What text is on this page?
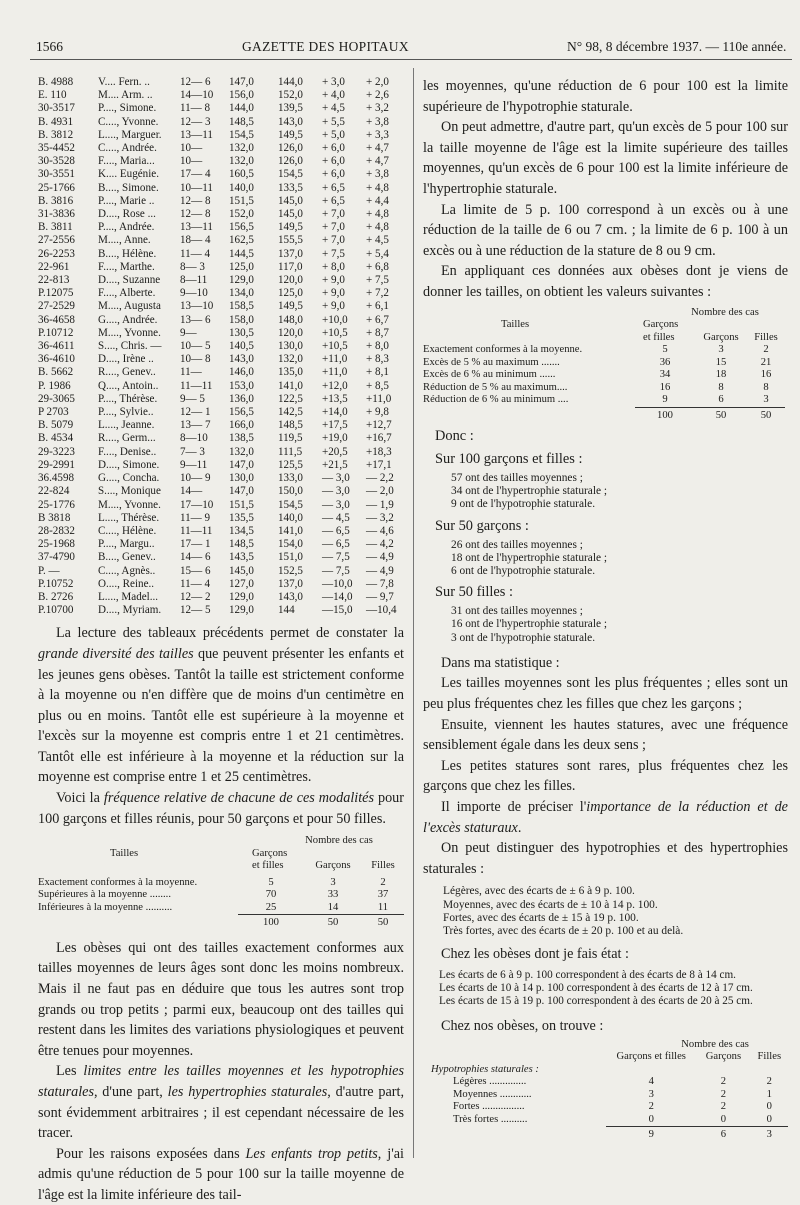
1566	GAZETTE DES HOPITAUX	N° 98, 8 décembre 1937. — 110e année.
B. 4988	V.... Fern. ..	12— 6	147,0	144,0	+ 3,0	+ 2,0
E. 110	M.... Arm. ..	14—10	156,0	152,0	+ 4,0	+ 2,6
30-3517	P...., Simone.	11— 8	144,0	139,5	+ 4,5	+ 3,2
B. 4931	C...., Yvonne.	12— 3	148,5	143,0	+ 5,5	+ 3,8
B. 3812	L...., Marguer.	13—11	154,5	149,5	+ 5,0	+ 3,3
35-4452	C...., Andrée.	10—	132,0	126,0	+ 6,0	+ 4,7
30-3528	F...., Maria...	10—	132,0	126,0	+ 6,0	+ 4,7
30-3551	K.... Eugénie.	17— 4	160,5	154,5	+ 6,0	+ 3,8
25-1766	B...., Simone.	10—11	140,0	133,5	+ 6,5	+ 4,8
B. 3816	P...., Marie ..	12— 8	151,5	145,0	+ 6,5	+ 4,4
31-3836	D...., Rose ...	12— 8	152,0	145,0	+ 7,0	+ 4,8
B. 3811	P...., Andrée.	13—11	156,5	149,5	+ 7,0	+ 4,8
27-2556	M...., Anne.	18— 4	162,5	155,5	+ 7,0	+ 4,5
26-2253	B...., Hélène.	11— 4	144,5	137,0	+ 7,5	+ 5,4
22-961	F...., Marthe.	8— 3	125,0	117,0	+ 8,0	+ 6,8
22-813	D...., Suzanne	8—11	129,0	120,0	+ 9,0	+ 7,5
P.12075	F...., Alberte.	9—10	134,0	125,0	+ 9,0	+ 7,2
27-2529	M...., Augusta	13—10	158,5	149,5	+ 9,0	+ 6,1
36-4658	G...., Andrée.	13— 6	158,0	148,0	+10,0	+ 6,7
P.10712	M...., Yvonne.	9—	130,5	120,0	+10,5	+ 8,7
36-4611	S...., Chris. —	10— 5	140,5	130,0	+10,5	+ 8,0
36-4610	D...., Irène ..	10— 8	143,0	132,0	+11,0	+ 8,3
B. 5662	R...., Genev..	11—	146,0	135,0	+11,0	+ 8,1
P. 1986	Q...., Antoin..	11—11	153,0	141,0	+12,0	+ 8,5
29-3065	P...., Thérèse.	9— 5	136,0	122,5	+13,5	+11,0
P 2703	P...., Sylvie..	12— 1	156,5	142,5	+14,0	+ 9,8
B. 5079	L...., Jeanne.	13— 7	166,0	148,5	+17,5	+12,7
B. 4534	R...., Germ...	8—10	138,5	119,5	+19,0	+16,7
29-3223	F...., Denise..	7— 3	132,0	111,5	+20,5	+18,3
29-2991	D...., Simone.	9—11	147,0	125,5	+21,5	+17,1
36.4598	G...., Concha.	10— 9	130,0	133,0	— 3,0	— 2,2
22-824	S...., Monique	14—	147,0	150,0	— 3,0	— 2,0
25-1776	M...., Yvonne.	17—10	151,5	154,5	— 3,0	— 1,9
B 3818	L...., Thérèse.	11— 9	135,5	140,0	— 4,5	— 3,2
28-2832	C...., Hélène.	11—11	134,5	141,0	— 6,5	— 4,6
25-1968	P...., Margu..	17— 1	148,5	154,0	— 6,5	— 4,2
37-4790	B...., Genev..	14— 6	143,5	151,0	— 7,5	— 4,9
P. —	C...., Agnès..	15— 6	145,0	152,5	— 7,5	— 4,9
P.10752	O...., Reine..	11— 4	127,0	137,0	—10,0	— 7,8
B. 2726	L...., Madel...	12— 2	129,0	143,0	—14,0	— 9,7
P.10700	D...., Myriam.	12— 5	129,0	144	—15,0	—10,4

La lecture des tableaux précédents permet de constater la grande diversité des tailles que peuvent présenter les enfants et les jeunes gens obèses. Tantôt la taille est strictement conforme à la moyenne ou n'en diffère que de moins d'un centimètre en plus ou en moins. Tantôt elle est supérieure à la moyenne et l'excès sur la moyenne est compris entre 1 et 21 centimètres. Tantôt elle est inférieure à la moyenne et la réduction sur la moyenne est comprise entre 1 et 25 centimètres.

Voici la fréquence relative de chacune de ces modalités pour 100 garçons et filles réunis, pour 50 garçons et pour 50 filles.

	Nombre des cas		
Tailles	Garçons		
	et filles	Garçons	Filles

Exactement conformes à la moyenne.	5	3	2
Supérieures à la moyenne ........	70	33	37
Inférieures à la moyenne ..........	25	14	11
	100	50	50

Les obèses qui ont des tailles exactement conformes aux tailles moyennes de leurs âges sont donc les moins nombreux. Mais il ne faut pas en déduire que tous les autres sont trop grands ou trop petits ; parmi eux, beaucoup ont des tailles qui restent dans les limites des variations physiologiques et peuvent être tenues pour moyennes.

Les limites entre les tailles moyennes et les hypotrophies staturales, d'une part, les hypertrophies staturales, d'autre part, sont évidemment arbitraires ; il est cependant nécessaire de les tracer.

Pour les raisons exposées dans Les enfants trop petits, j'ai admis qu'une réduction de 5 pour 100 sur la taille moyenne de l'âge est la limite inférieure des tail-

les moyennes, qu'une réduction de 6 pour 100 est la limite supérieure de l'hypotrophie staturale.

On peut admettre, d'autre part, qu'un excès de 5 pour 100 sur la taille moyenne de l'âge est la limite supérieure des tailles moyennes, qu'un excès de 6 pour 100 est la limite inférieure de l'hypertrophie staturale.

La limite de 5 p. 100 correspond à un excès ou à une réduction de la taille de 6 ou 7 cm. ; la limite de 6 p. 100 à un excès ou à une réduction de la stature de 8 ou 9 cm.

En appliquant ces données aux obèses dont je viens de donner les tailles, on obtient les valeurs suivantes :

	Nombre des cas		
Tailles	Garçons		
	et filles	Garçons	Filles
Exactement conformes à la moyenne.	5	3	2
Excès de 5 % au maximum .......	36	15	21
Excès de 6 % au minimum ......	34	18	16
Réduction de 5 % au maximum....	16	8	8
Réduction de 6 % au minimum ....	9	6	3
	100	50	50
Donc :
Sur 100 garçons et filles :
57 ont des tailles moyennes ;
34 ont de l'hypertrophie staturale ;
9 ont de l'hypotrophie staturale.
Sur 50 garçons :
26 ont des tailles moyennes ;
18 ont de l'hypertrophie staturale ;
6 ont de l'hypotrophie staturale.
Sur 50 filles :
31 ont des tailles moyennes ;
16 ont de l'hypertrophie staturale ;
3 ont de l'hypotrophie staturale.

Dans ma statistique :

Les tailles moyennes sont les plus fréquentes ; elles sont un peu plus fréquentes chez les filles que chez les garçons ;

Ensuite, viennent les hautes statures, avec une fréquence sensiblement égale dans les deux sens ;

Les petites statures sont rares, plus fréquentes chez les garçons que chez les filles.

Il importe de préciser l'importance de la réduction et de l'excès staturaux.

On peut distinguer des hypotrophies et des hypertrophies staturales :

Légères, avec des écarts de ± 6 à 9 p. 100.
Moyennes, avec des écarts de ± 10 à 14 p. 100.
Fortes, avec des écarts de ± 15 à 19 p. 100.
Très fortes, avec des écarts de ± 20 p. 100 et au delà.

Chez les obèses dont je fais état :

Les écarts de 6 à 9 p. 100 correspondent à des écarts de 8 à 14 cm.

Les écarts de 10 à 14 p. 100 correspondent à des écarts de 12 à 17 cm.

Les écarts de 15 à 19 p. 100 correspondent à des écarts de 20 à 25 cm.

Chez nos obèses, on trouve :

	Nombre des cas		
	Garçons et filles	Garçons	Filles
Hypotrophies staturales :			
Légères ..............	4	2	2
Moyennes ............	3	2	1
Fortes ................	2	2	0
Très fortes ..........	0	0	0
	9	6	3
